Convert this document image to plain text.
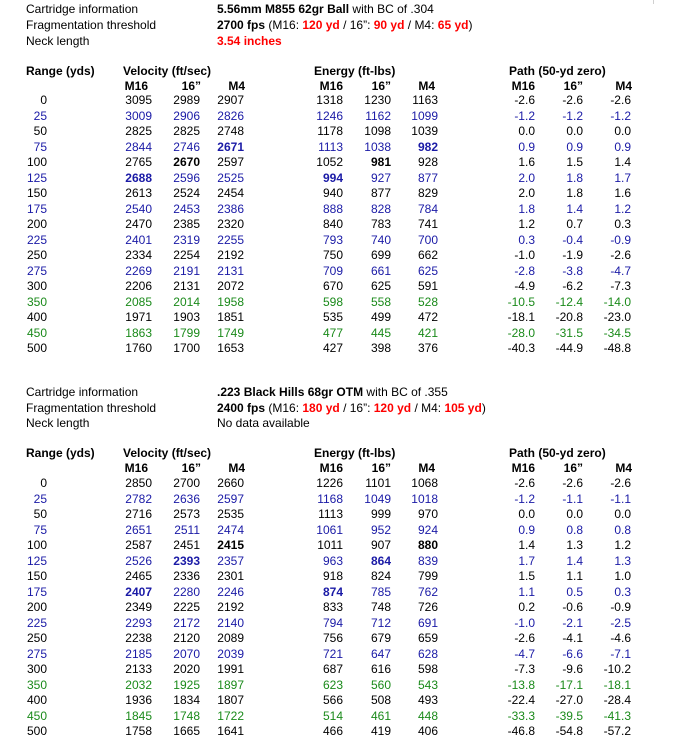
Cartridge information	5.56mm M855 62gr Ball with BC of .304
Fragmentation threshold	2700 fps (M16: 120 yd / 16”: 90 yd / M4: 65 yd)
Neck length	3.54 inches
Range (yds) Velocity (ft/sec)	Energy (ft-lbs)	Path (50-yd zero)
M16	16”	M4	M16	16”	M4	M16	16”	M4
0	3095	2989	2907	1318	1230	1163	-2.6	-2.6	-2.6
25	3009	2906	2826	1246	1162	1099	-1.2	-1.2	-1.2
50	2825	2825	2748	1178	1098	1039	0.0	0.0	0.0
75	2844	2746	2671	1113	1038	982	0.9	0.9	0.9
100	2765	2670	2597	1052	981	928	1.6	1.5	1.4
125	2688	2596	2525	994	927	877	2.0	1.8	1.7
150	2613	2524	2454	940	877	829	2.0	1.8	1.6
175	2540	2453	2386	888	828	784	1.8	1.4	1.2
200	2470	2385	2320	840	783	741	1.2	0.7	0.3
225	2401	2319	2255	793	740	700	0.3	-0.4	-0.9
250	2334	2254	2192	750	699	662	-1.0	-1.9	-2.6
275	2269	2191	2131	709	661	625	-2.8	-3.8	-4.7
300	2206	2131	2072	670	625	591	-4.9	-6.2	-7.3
350	2085	2014	1958	598	558	528	-10.5	-12.4	-14.0
400	1971	1903	1851	535	499	472	-18.1	-20.8	-23.0
450	1863	1799	1749	477	445	421	-28.0	-31.5	-34.5
500	1760	1700	1653	427	398	376	-40.3	-44.9	-48.8
Cartridge information	.223 Black Hills 68gr OTM with BC of .355
Fragmentation threshold	2400 fps (M16: 180 yd / 16”: 120 yd / M4: 105 yd)
Neck length	No data available
Range (yds) Velocity (ft/sec)	Energy (ft-lbs)	Path (50-yd zero)
M16	16”	M4	M16	16”	M4	M16	16”	M4
0	2850	2700	2660	1226	1101	1068	-2.6	-2.6	-2.6
25	2782	2636	2597	1168	1049	1018	-1.2	-1.1	-1.1
50	2716	2573	2535	1113	999	970	0.0	0.0	0.0
75	2651	2511	2474	1061	952	924	0.9	0.8	0.8
100	2587	2451	2415	1011	907	880	1.4	1.3	1.2
125	2526	2393	2357	963	864	839	1.7	1.4	1.3
150	2465	2336	2301	918	824	799	1.5	1.1	1.0
175	2407	2280	2246	874	785	762	1.1	0.5	0.3
200	2349	2225	2192	833	748	726	0.2	-0.6	-0.9
225	2293	2172	2140	794	712	691	-1.0	-2.1	-2.5
250	2238	2120	2089	756	679	659	-2.6	-4.1	-4.6
275	2185	2070	2039	721	647	628	-4.7	-6.6	-7.1
300	2133	2020	1991	687	616	598	-7.3	-9.6	-10.2
350	2032	1925	1897	623	560	543	-13.8	-17.1	-18.1
400	1936	1834	1807	566	508	493	-22.4	-27.0	-28.4
450	1845	1748	1722	514	461	448	-33.3	-39.5	-41.3
500	1758	1665	1641	466	419	406	-46.8	-54.8	-57.2
